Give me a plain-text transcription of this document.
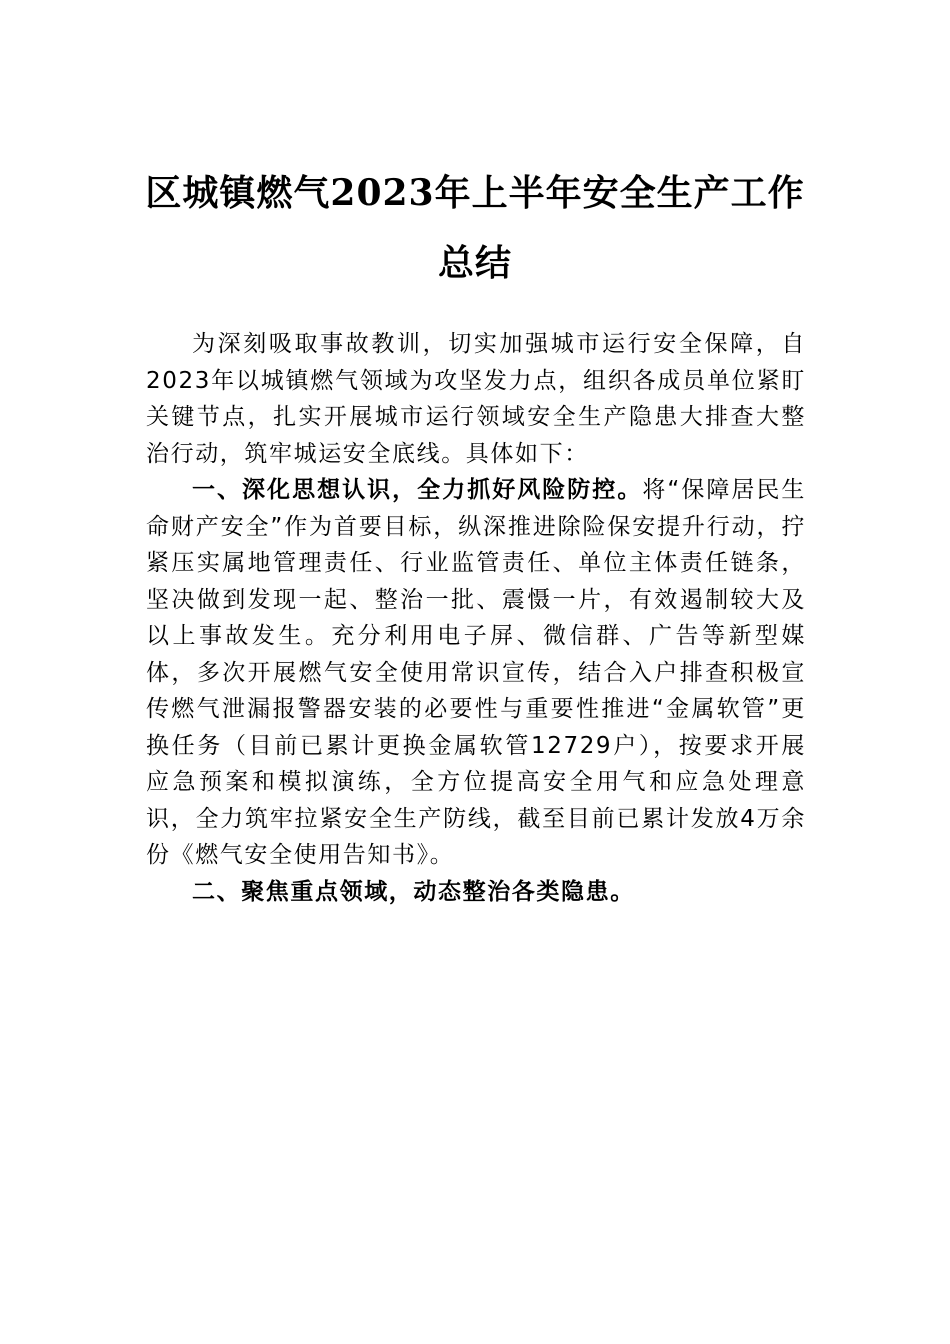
区城镇燃气2023年上半年安全生产工作总结

为深刻吸取事故教训，切实加强城市运行安全保障，自2023年以城镇燃气领域为攻坚发力点，组织各成员单位紧盯关键节点，扎实开展城市运行领域安全生产隐患大排查大整治行动，筑牢城运安全底线。具体如下：

一、深化思想认识，全力抓好风险防控。将“保障居民生命财产安全”作为首要目标，纵深推进除险保安提升行动，拧紧压实属地管理责任、行业监管责任、单位主体责任链条，坚决做到发现一起、整治一批、震慑一片，有效遏制较大及以上事故发生。充分利用电子屏、微信群、广告等新型媒体，多次开展燃气安全使用常识宣传，结合入户排查积极宣传燃气泄漏报警器安装的必要性与重要性推进“金属软管”更换任务（目前已累计更换金属软管12729户），按要求开展应急预案和模拟演练，全方位提高安全用气和应急处理意识，全力筑牢拉紧安全生产防线，截至目前已累计发放4万余份《燃气安全使用告知书》。

二、聚焦重点领域，动态整治各类隐患。
